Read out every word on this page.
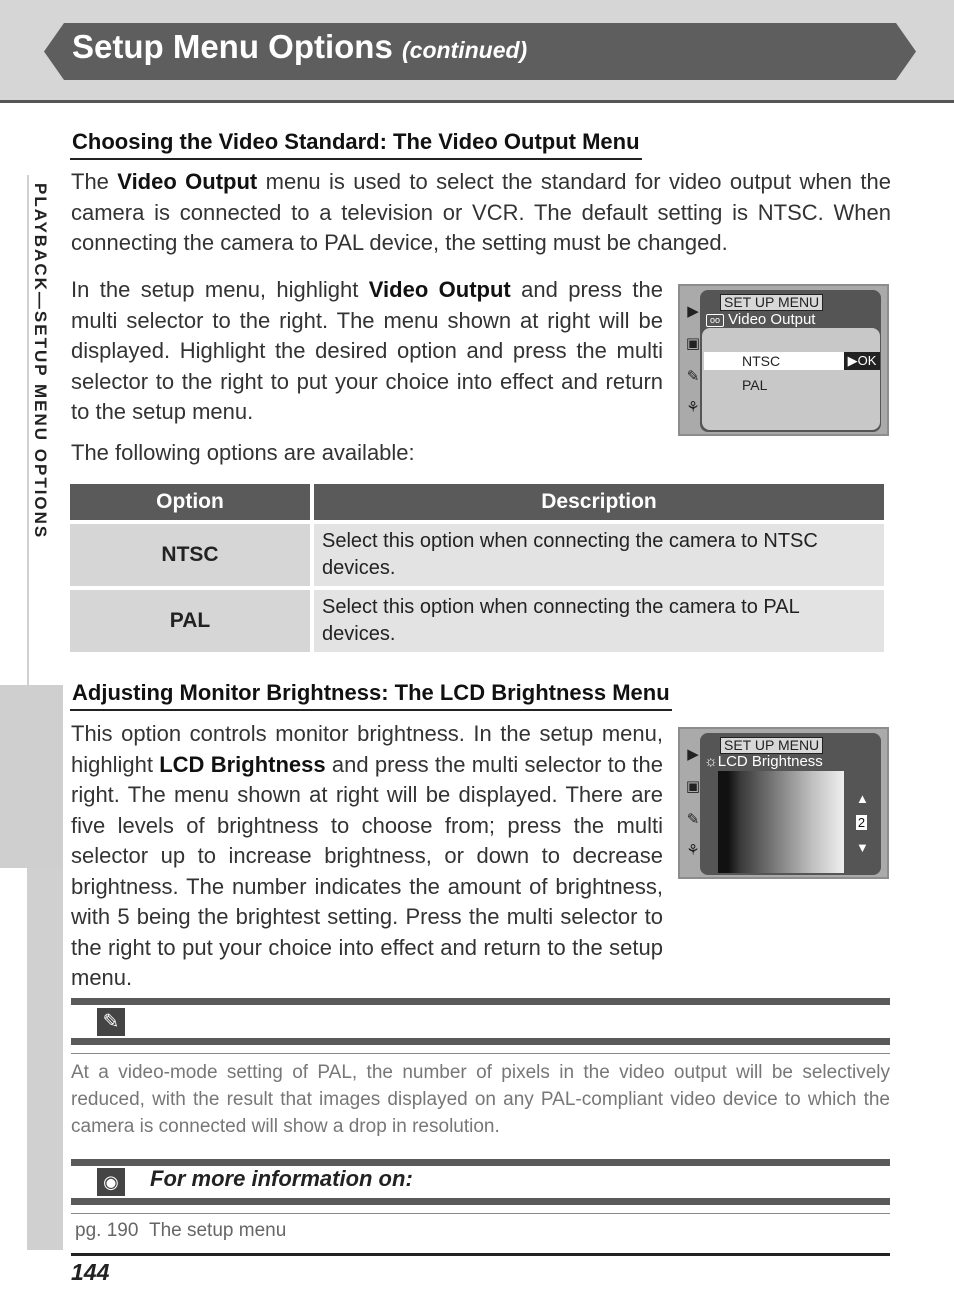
Setup Menu Options (continued)
PLAYBACK—SETUP MENU OPTIONS
Choosing the Video Standard: The Video Output Menu
The Video Output menu is used to select the standard for video output when the camera is connected to a television or VCR. The default setting is NTSC. When connecting the camera to PAL device, the setting must be changed.
In the setup menu, highlight Video Output and press the multi selector to the right. The menu shown at right will be displayed. Highlight the desired option and press the multi selector to the right to put your choice into effect and return to the setup menu.
The following options are available:
▶
▣
✎
⚘
SET UP MENU
oo Video Output
NTSC	▶OK
PAL
Option	Description
NTSC	Select this option when connecting the camera to NTSC devices.
PAL	Select this option when connecting the camera to PAL devices.
Adjusting Monitor Brightness: The LCD Brightness Menu
This option controls monitor brightness. In the setup menu, highlight LCD Brightness and press the multi selector to the right. The menu shown at right will be displayed. There are five levels of brightness to choose from; press the multi selector up to increase brightness, or down to decrease brightness. The number indicates the amount of brightness, with 5 being the brightest setting. Press the multi selector to the right to put your choice into effect and return to the setup menu.
▶
▣
✎
⚘
SET UP MENU
☼LCD Brightness
▲
2
▼
✎
At a video-mode setting of PAL, the number of pixels in the video output will be selectively reduced, with the result that images displayed on any PAL-compliant video device to which the camera is connected will show a drop in resolution.
◉ For more information on:
pg. 190 The setup menu
144
